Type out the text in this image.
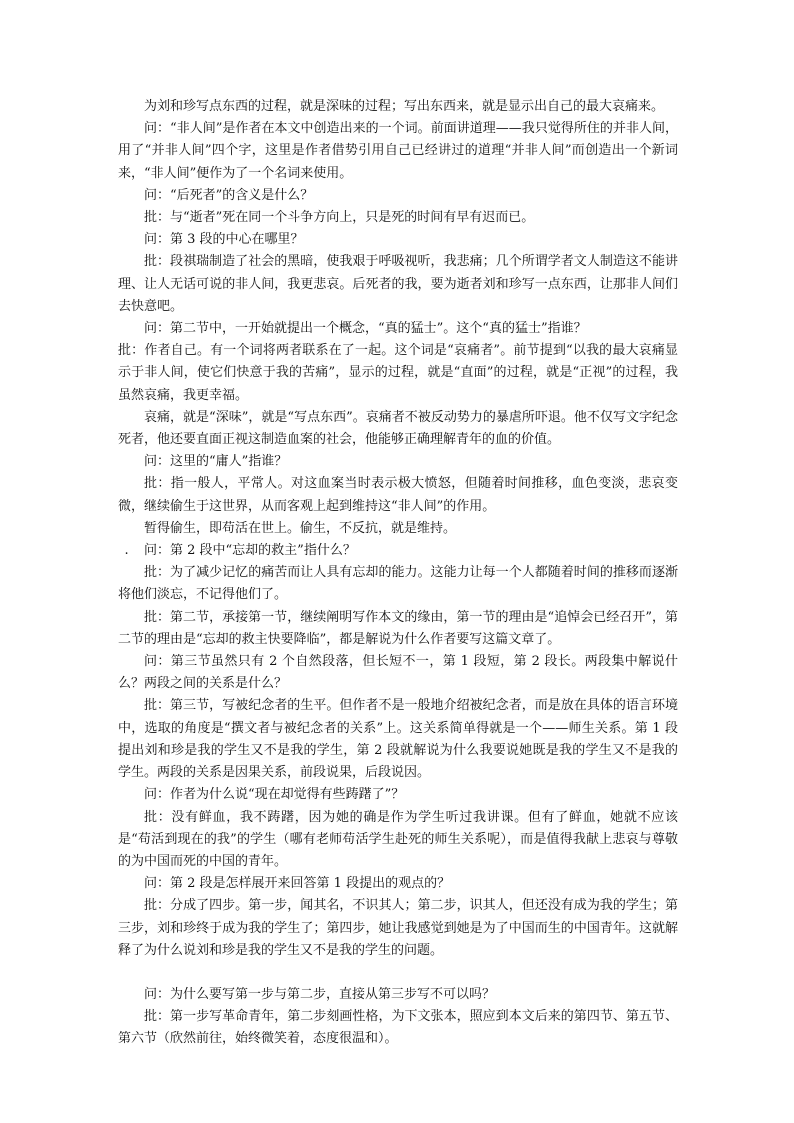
为刘和珍写点东西的过程，就是深味的过程；写出东西来，就是显示出自己的最大哀痛来。

问：“非人间”是作者在本文中创造出来的一个词。前面讲道理——我只觉得所住的并非人间，用了“并非人间”四个字，这里是作者借势引用自己已经讲过的道理“并非人间”而创造出一个新词来，“非人间”便作为了一个名词来使用。

问：“后死者”的含义是什么？

批：与“逝者”死在同一个斗争方向上，只是死的时间有早有迟而已。

问：第 3 段的中心在哪里？

批：段祺瑞制造了社会的黑暗，使我艰于呼吸视听，我悲痛；几个所谓学者文人制造这不能讲理、让人无话可说的非人间，我更悲哀。后死者的我，要为逝者刘和珍写一点东西，让那非人间们去快意吧。

问：第二节中，一开始就提出一个概念，“真的猛士”。这个“真的猛士”指谁？

批：作者自己。有一个词将两者联系在了一起。这个词是“哀痛者”。前节提到“以我的最大哀痛显示于非人间，使它们快意于我的苦痛”，显示的过程，就是“直面”的过程，就是“正视”的过程，我虽然哀痛，我更幸福。

哀痛，就是“深味”，就是“写点东西”。哀痛者不被反动势力的暴虐所吓退。他不仅写文字纪念死者，他还要直面正视这制造血案的社会，他能够正确理解青年的血的价值。

问：这里的“庸人”指谁？

批：指一般人，平常人。对这血案当时表示极大愤怒，但随着时间推移，血色变淡，悲哀变微，继续偷生于这世界，从而客观上起到维持这“非人间”的作用。

暂得偷生，即苟活在世上。偷生，不反抗，就是维持。

. 问：第 2 段中“忘却的救主”指什么？

批：为了减少记忆的痛苦而让人具有忘却的能力。这能力让每一个人都随着时间的推移而逐渐将他们淡忘，不记得他们了。

批：第二节，承接第一节，继续阐明写作本文的缘由，第一节的理由是“追悼会已经召开”，第二节的理由是“忘却的救主快要降临”，都是解说为什么作者要写这篇文章了。

问：第三节虽然只有 2 个自然段落，但长短不一，第 1 段短，第 2 段长。两段集中解说什么？两段之间的关系是什么？

批：第三节，写被纪念者的生平。但作者不是一般地介绍被纪念者，而是放在具体的语言环境中，选取的角度是“撰文者与被纪念者的关系”上。这关系简单得就是一个——师生关系。第 1 段提出刘和珍是我的学生又不是我的学生，第 2 段就解说为什么我要说她既是我的学生又不是我的学生。两段的关系是因果关系，前段说果，后段说因。

问：作者为什么说“现在却觉得有些踌躇了”？

批：没有鲜血，我不踌躇，因为她的确是作为学生听过我讲课。但有了鲜血，她就不应该是“苟活到现在的我”的学生（哪有老师苟活学生赴死的师生关系呢），而是值得我献上悲哀与尊敬的为中国而死的中国的青年。

问：第 2 段是怎样展开来回答第 1 段提出的观点的？

批：分成了四步。第一步，闻其名，不识其人；第二步，识其人，但还没有成为我的学生；第三步，刘和珍终于成为我的学生了；第四步，她让我感觉到她是为了中国而生的中国青年。这就解释了为什么说刘和珍是我的学生又不是我的学生的问题。

问：为什么要写第一步与第二步，直接从第三步写不可以吗？

批：第一步写革命青年，第二步刻画性格，为下文张本，照应到本文后来的第四节、第五节、第六节（欣然前往，始终微笑着，态度很温和）。
